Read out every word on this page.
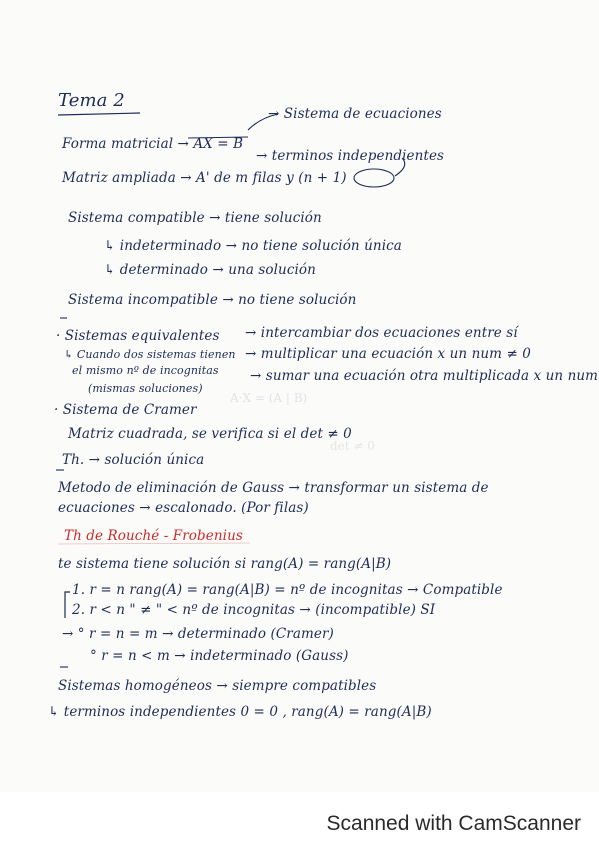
A·X = (A | B)
det ≠ 0
Tema 2
→ Sistema de ecuaciones
Forma matricial → AX = B
→ terminos independientes
Matriz ampliada → A' de m filas y (n + 1)
Sistema compatible → tiene solución
↳ indeterminado → no tiene solución única
↳ determinado → una solución
Sistema incompatible → no tiene solución
· Sistemas equivalentes → intercambiar dos ecuaciones entre sí
↳ Cuando dos sistemas tienen → multiplicar una ecuación x un num ≠ 0
el mismo nº de incognitas → sumar una ecuación otra multiplicada x un num
(mismas soluciones)
· Sistema de Cramer
Matriz cuadrada, se verifica si el det ≠ 0
Th. → solución única
Metodo de eliminación de Gauss → transformar un sistema de
ecuaciones → escalonado. (Por filas)
Th de Rouché - Frobenius
te sistema tiene solución si rang(A) = rang(A|B)
1. r = n rang(A) = rang(A|B) = nº de incognitas → Compatible
2. r < n " ≠ " < nº de incognitas → (incompatible) SI
→ ° r = n = m → determinado (Cramer)
° r = n < m → indeterminado (Gauss)
Sistemas homogéneos → siempre compatibles
↳ terminos independientes 0 = 0 , rang(A) = rang(A|B)
Scanned with CamScanner
